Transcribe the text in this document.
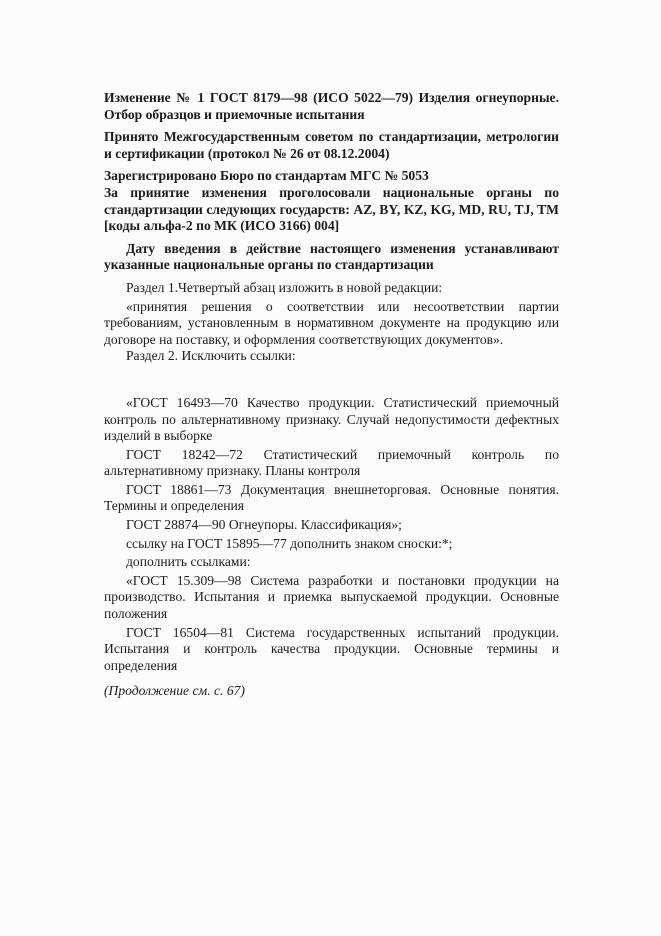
Изменение № 1 ГОСТ 8179—98 (ИСО 5022—79) Изделия огнеупорные. Отбор образцов и приемочные испытания

Принято Межгосударственным советом по стандартизации, метрологии и сертификации (протокол № 26 от 08.12.2004)

Зарегистрировано Бюро по стандартам МГС № 5053

За принятие изменения проголосовали национальные органы по стандартизации следующих государств: AZ, BY, KZ, KG, MD, RU, TJ, TM [коды альфа-2 по МК (ИСО 3166) 004]

Дату введения в действие настоящего изменения устанавливают указанные национальные органы по стандартизации

Раздел 1.Четвертый абзац изложить в новой редакции:

«принятия решения о соответствии или несоответствии партии требованиям, установленным в нормативном документе на продукцию или договоре на поставку, и оформления соответствующих документов».

Раздел 2. Исключить ссылки:

«ГОСТ 16493—70 Качество продукции. Статистический приемочный контроль по альтернативному признаку. Случай недопустимости дефектных изделий в выборке

ГОСТ 18242—72 Статистический приемочный контроль по альтернативному признаку. Планы контроля

ГОСТ 18861—73 Документация внешнеторговая. Основные понятия. Термины и определения

ГОСТ 28874—90 Огнеупоры. Классификация»;

ссылку на ГОСТ 15895—77 дополнить знаком сноски:*;

дополнить ссылками:

«ГОСТ 15.309—98 Система разработки и постановки продукции на производство. Испытания и приемка выпускаемой продукции. Основные положения

ГОСТ 16504—81 Система государственных испытаний продукции. Испытания и контроль качества продукции. Основные термины и определения

(Продолжение см. с. 67)
